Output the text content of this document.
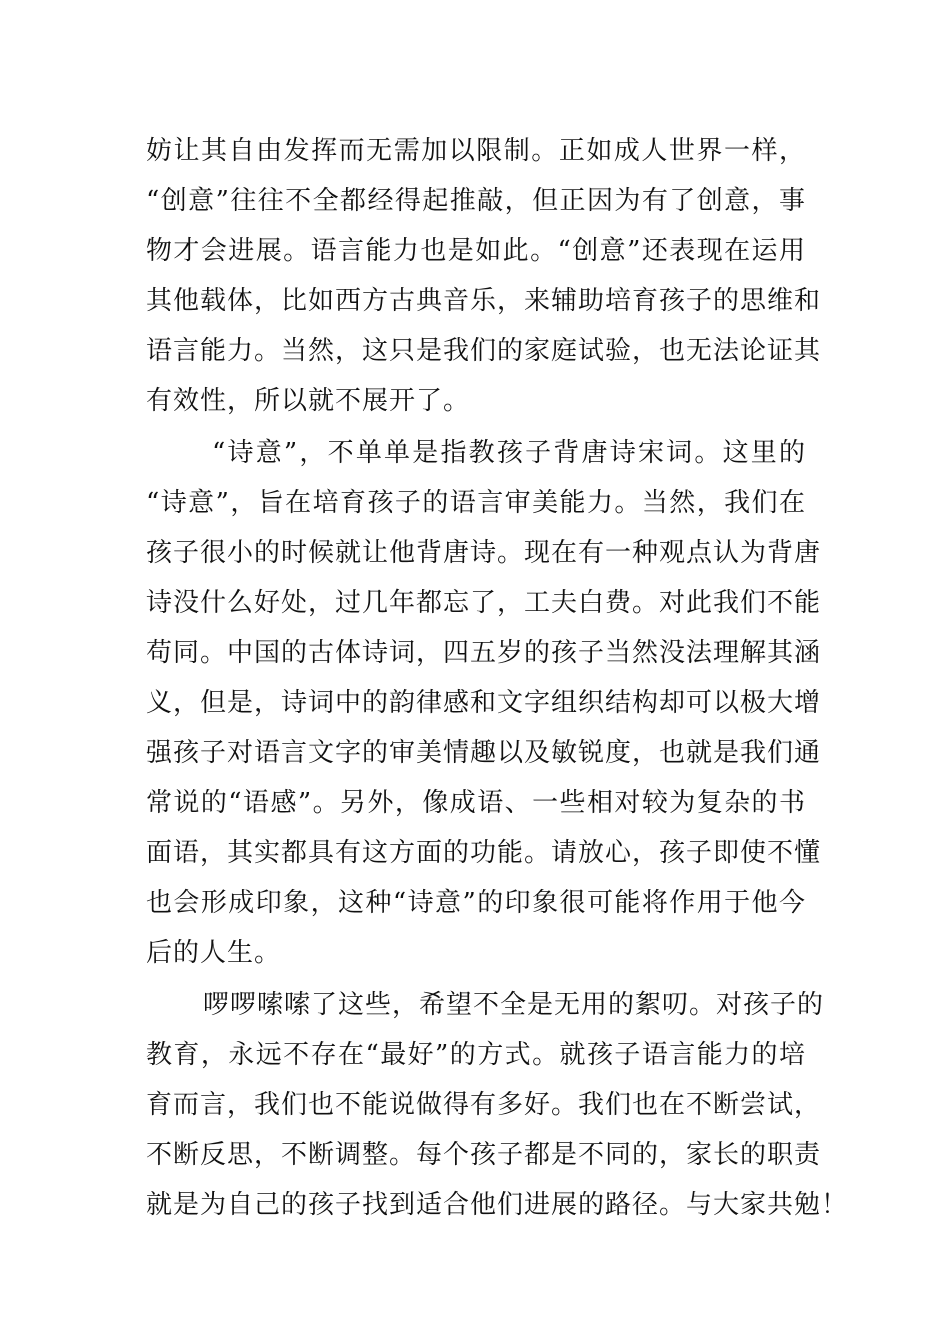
妨让其自由发挥而无需加以限制。正如成人世界一样，
“创意”往往不全都经得起推敲，但正因为有了创意，事
物才会进展。语言能力也是如此。“创意”还表现在运用
其他载体，比如西方古典音乐，来辅助培育孩子的思维和
语言能力。当然，这只是我们的家庭试验，也无法论证其
有效性，所以就不展开了。
“诗意”，不单单是指教孩子背唐诗宋词。这里的
“诗意”，旨在培育孩子的语言审美能力。当然，我们在
孩子很小的时候就让他背唐诗。现在有一种观点认为背唐
诗没什么好处，过几年都忘了，工夫白费。对此我们不能
苟同。中国的古体诗词，四五岁的孩子当然没法理解其涵
义，但是，诗词中的韵律感和文字组织结构却可以极大增
强孩子对语言文字的审美情趣以及敏锐度，也就是我们通
常说的“语感”。另外，像成语、一些相对较为复杂的书
面语，其实都具有这方面的功能。请放心，孩子即使不懂
也会形成印象，这种“诗意”的印象很可能将作用于他今
后的人生。
啰啰嗦嗦了这些，希望不全是无用的絮叨。对孩子的
教育，永远不存在“最好”的方式。就孩子语言能力的培
育而言，我们也不能说做得有多好。我们也在不断尝试，
不断反思，不断调整。每个孩子都是不同的，家长的职责
就是为自己的孩子找到适合他们进展的路径。与大家共勉！
